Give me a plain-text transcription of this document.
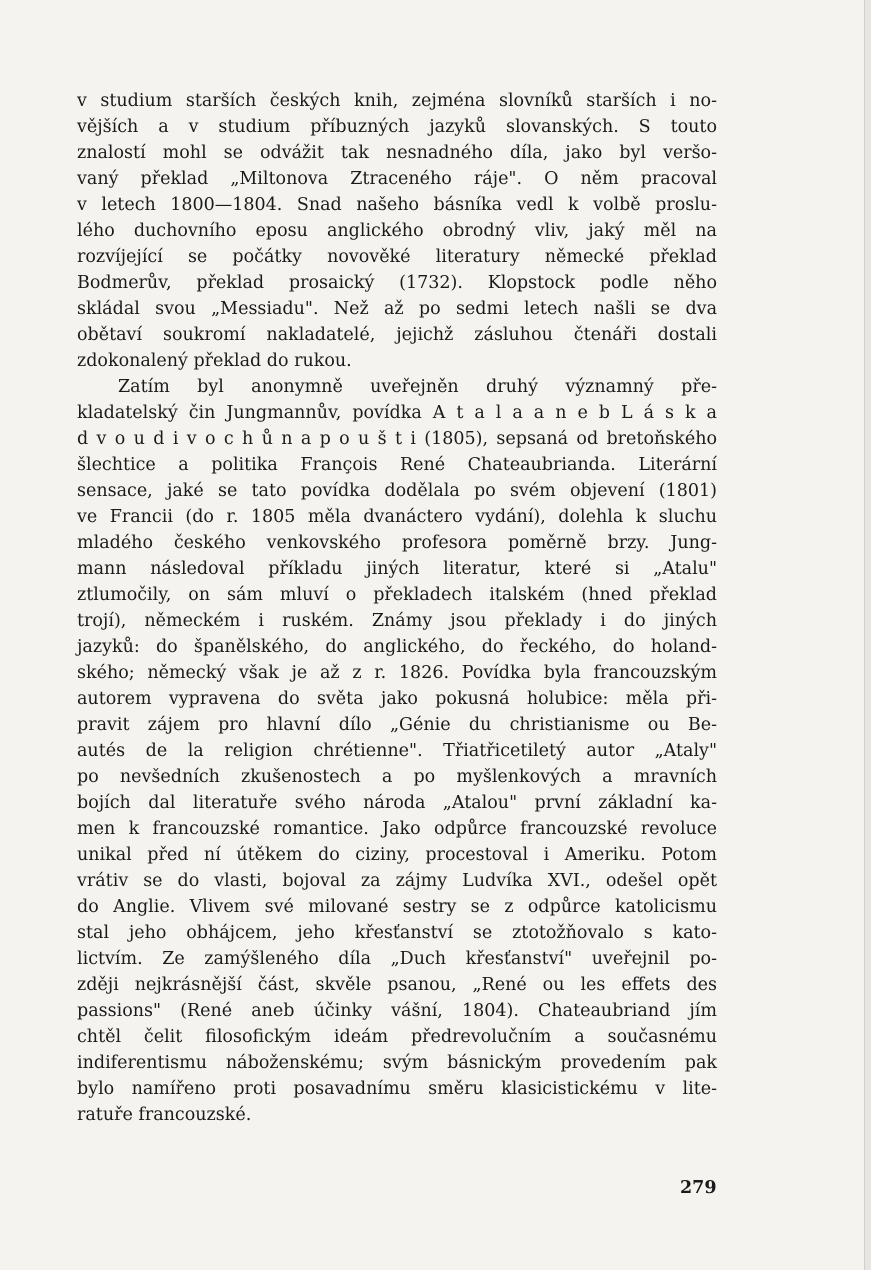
v studium starších českých knih, zejména slovníků starších i no-
vějších a v studium příbuzných jazyků slovanských. S touto
znalostí mohl se odvážit tak nesnadného díla, jako byl veršo-
vaný překlad „Miltonova Ztraceného ráje". O něm pracoval
v letech 1800—1804. Snad našeho básníka vedl k volbě proslu-
lého duchovního eposu anglického obrodný vliv, jaký měl na
rozvíjející se počátky novověké literatury německé překlad
Bodmerův, překlad prosaický (1732). Klopstock podle něho
skládal svou „Messiadu". Než až po sedmi letech našli se dva
obětaví soukromí nakladatelé, jejichž zásluhou čtenáři dostali
zdokonalený překlad do rukou.
Zatím byl anonymně uveřejněn druhý významný pře-
kladatelský čin Jungmannův, povídka A t a l a a n e b L á s k a
d v o u d i v o c h ů n a p o u š t i (1805), sepsaná od bretoňského
šlechtice a politika François René Chateaubrianda. Literární
sensace, jaké se tato povídka dodělala po svém objevení (1801)
ve Francii (do r. 1805 měla dvanáctero vydání), dolehla k sluchu
mladého českého venkovského profesora poměrně brzy. Jung-
mann následoval příkladu jiných literatur, které si „Atalu"
ztlumočily, on sám mluví o překladech italském (hned překlad
trojí), německém i ruském. Známy jsou překlady i do jiných
jazyků: do španělského, do anglického, do řeckého, do holand-
ského; německý však je až z r. 1826. Povídka byla francouzským
autorem vypravena do světa jako pokusná holubice: měla při-
pravit zájem pro hlavní dílo „Génie du christianisme ou Be-
autés de la religion chrétienne". Třiatřicetiletý autor „Ataly"
po nevšedních zkušenostech a po myšlenkových a mravních
bojích dal literatuře svého národa „Atalou" první základní ka-
men k francouzské romantice. Jako odpůrce francouzské revoluce
unikal před ní útěkem do ciziny, procestoval i Ameriku. Potom
vrátiv se do vlasti, bojoval za zájmy Ludvíka XVI., odešel opět
do Anglie. Vlivem své milované sestry se z odpůrce katolicismu
stal jeho obhájcem, jeho křesťanství se ztotožňovalo s kato-
lictvím. Ze zamýšleného díla „Duch křesťanství" uveřejnil po-
zději nejkrásnější část, skvěle psanou, „René ou les effets des
passions" (René aneb účinky vášní, 1804). Chateaubriand jím
chtěl čelit filosofickým ideám předrevolučním a současnému
indiferentismu náboženskému; svým básnickým provedením pak
bylo namířeno proti posavadnímu směru klasicistickému v lite-
ratuře francouzské.
279
